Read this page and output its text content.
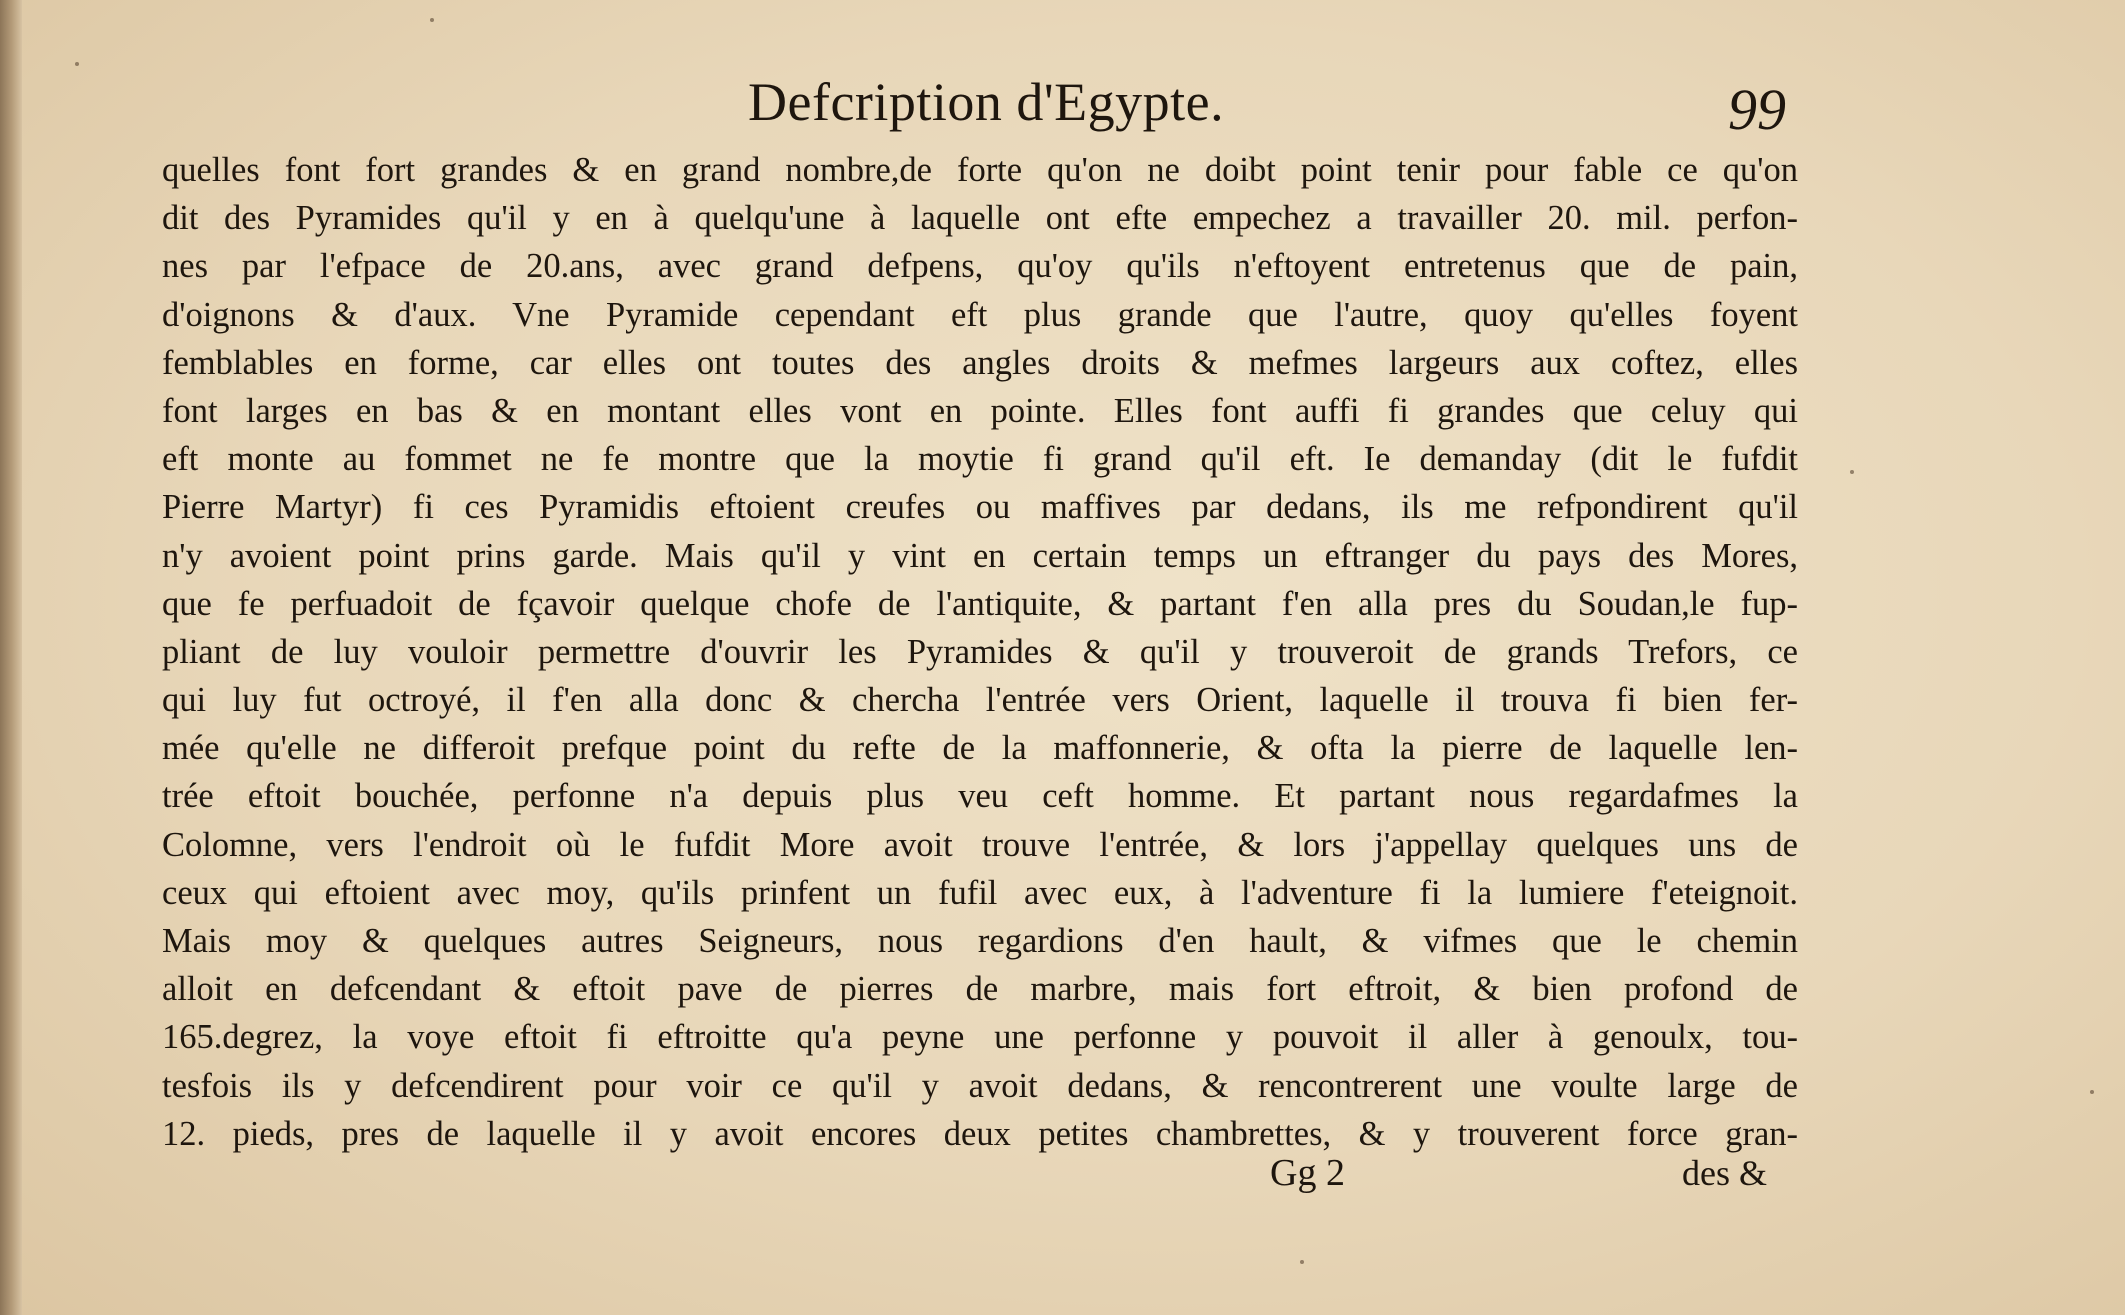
Defcription d'Egypte.	99
quelles font fort grandes & en grand nombre,de forte qu'on ne doibt point tenir pour fable ce qu'on
dit des Pyramides qu'il y en à quelqu'une à laquelle ont efte empechez a travailler 20. mil. perfon-
nes par l'efpace de 20.ans, avec grand defpens, qu'oy qu'ils n'eftoyent entretenus que de pain,
d'oignons & d'aux. Vne Pyramide cependant eft plus grande que l'autre, quoy qu'elles foyent
femblables en forme, car elles ont toutes des angles droits & mefmes largeurs aux coftez, elles
font larges en bas & en montant elles vont en pointe. Elles font auffi fi grandes que celuy qui
eft monte au fommet ne fe montre que la moytie fi grand qu'il eft. Ie demanday (dit le fufdit
Pierre Martyr) fi ces Pyramidis eftoient creufes ou maffives par dedans, ils me refpondirent qu'il
n'y avoient point prins garde. Mais qu'il y vint en certain temps un eftranger du pays des Mores,
que fe perfuadoit de fçavoir quelque chofe de l'antiquite, & partant f'en alla pres du Soudan,le fup-
pliant de luy vouloir permettre d'ouvrir les Pyramides & qu'il y trouveroit de grands Trefors, ce
qui luy fut octroyé, il f'en alla donc & chercha l'entrée vers Orient, laquelle il trouva fi bien fer-
mée qu'elle ne differoit prefque point du refte de la maffonnerie, & ofta la pierre de laquelle len-
trée eftoit bouchée, perfonne n'a depuis plus veu ceft homme. Et partant nous regardafmes la
Colomne, vers l'endroit où le fufdit More avoit trouve l'entrée, & lors j'appellay quelques uns de
ceux qui eftoient avec moy, qu'ils prinfent un fufil avec eux, à l'adventure fi la lumiere f'eteignoit.
Mais moy & quelques autres Seigneurs, nous regardions d'en hault, & vifmes que le chemin
alloit en defcendant & eftoit pave de pierres de marbre, mais fort eftroit, & bien profond de
165.degrez, la voye eftoit fi eftroitte qu'a peyne une perfonne y pouvoit il aller à genoulx, tou-
tesfois ils y defcendirent pour voir ce qu'il y avoit dedans, & rencontrerent une voulte large de
12. pieds, pres de laquelle il y avoit encores deux petites chambrettes, & y trouverent force gran-
Gg 2	des &
